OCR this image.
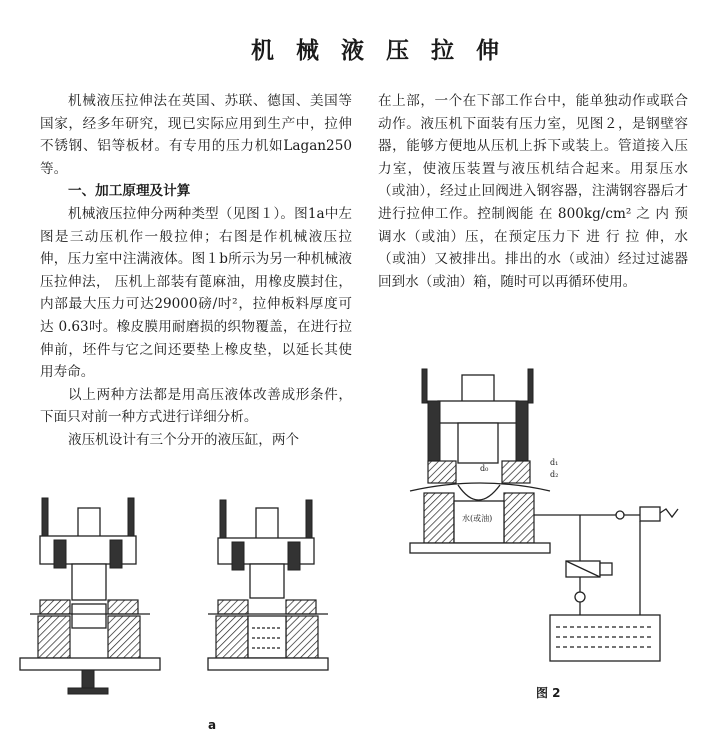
机械液压拉伸

机械液压拉伸法在英国、苏联、德国、美国等国家，经多年研究，现已实际应用到生产中，拉伸不锈钢、铝等板材。有专用的压力机如Lagan250等。

一、加工原理及计算

机械液压拉伸分两种类型（见图１）。图1a中左图是三动压机作一般拉伸；右图是作机械液压拉伸，压力室中注满液体。图１b所示为另一种机械液压拉伸法， 压机上部装有蓖麻油，用橡皮膜封住，内部最大压力可达29000磅/吋²，拉伸板料厚度可 达 0.63吋。橡皮膜用耐磨损的织物覆盖，在进行拉伸前，坯件与它之间还要垫上橡皮垫，以延长其使用寿命。

以上两种方法都是用高压液体改善成形条件，下面只对前一种方式进行详细分析。

液压机设计有三个分开的液压缸，两个

在上部，一个在下部工作台中，能单独动作或联合动作。液压机下面装有压力室，见图２，是钢壁容器，能够方便地从压机上拆下或装上。管道接入压力室，使液压装置与液压机结合起来。用泵压水（或油），经过止回阀进入钢容器，注满钢容器后才进行拉伸工作。控制阀能 在 800kg/cm² 之 内 预调水（或油）压，在预定压力下 进 行 拉 伸，水（或油）又被排出。排出的水（或油）经过过滤器回到水（或油）箱，随时可以再循环使用。

a
d₀
d₁
d₂
水(或油)
图 2
